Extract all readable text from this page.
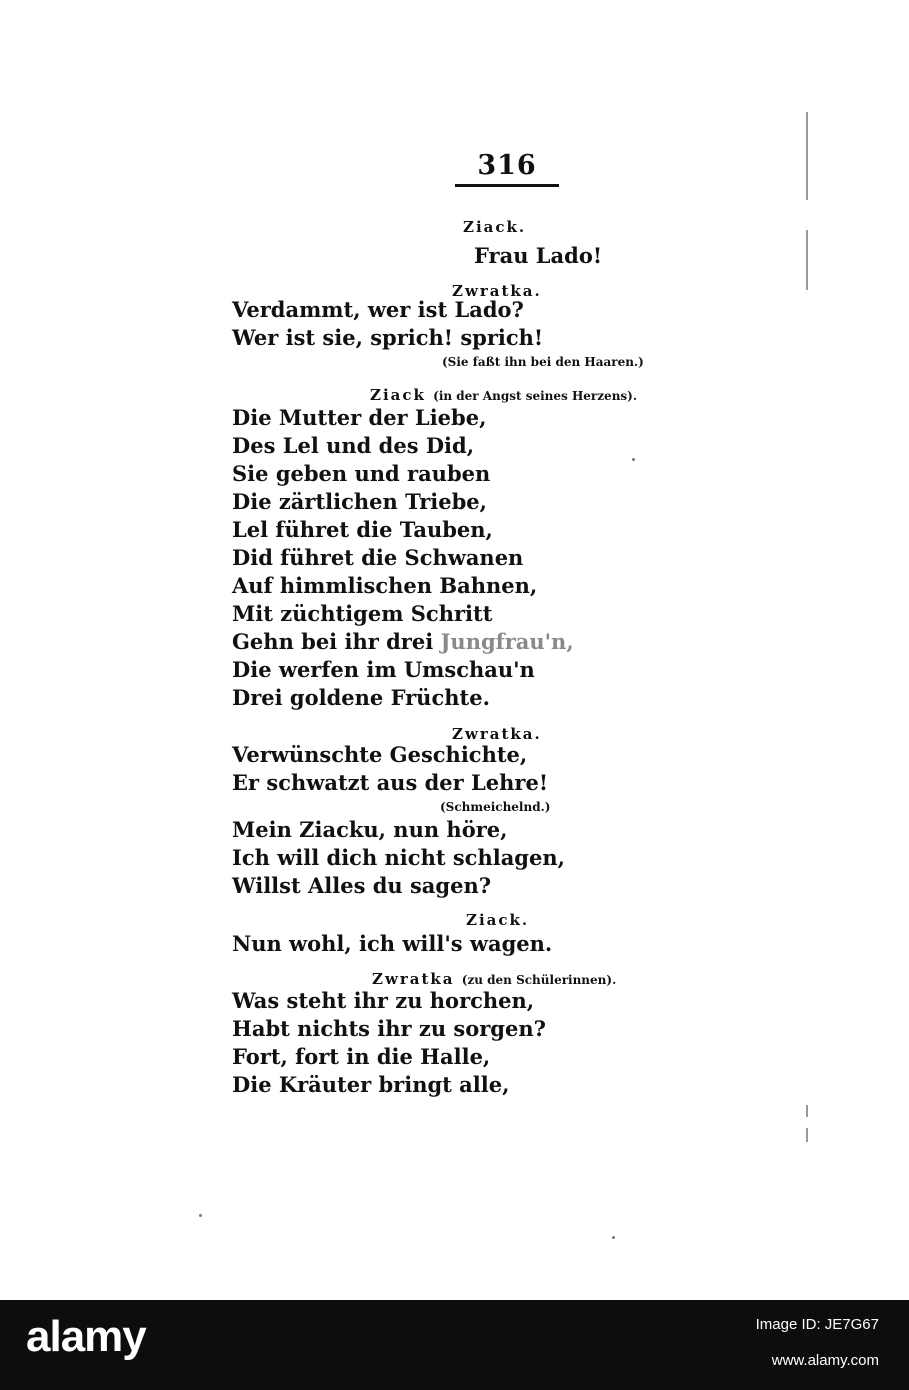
316
Ziack.
Frau Lado!
Zwratka.
Verdammt, wer ist Lado?
Wer ist sie, sprich! sprich!
(Sie faßt ihn bei den Haaren.)
Ziack (in der Angst seines Herzens).
Die Mutter der Liebe,
Des Lel und des Did,
Sie geben und rauben
Die zärtlichen Triebe,
Lel führet die Tauben,
Did führet die Schwanen
Auf himmlischen Bahnen,
Mit züchtigem Schritt
Gehn bei ihr drei Jungfrau'n,
Die werfen im Umschau'n
Drei goldene Früchte.
Zwratka.
Verwünschte Geschichte,
Er schwatzt aus der Lehre!
(Schmeichelnd.)
Mein Ziacku, nun höre,
Ich will dich nicht schlagen,
Willst Alles du sagen?
Ziack.
Nun wohl, ich will's wagen.
Zwratka (zu den Schülerinnen).
Was steht ihr zu horchen,
Habt nichts ihr zu sorgen?
Fort, fort in die Halle,
Die Kräuter bringt alle,
alamy	Image ID: JE7G67
www.alamy.com
